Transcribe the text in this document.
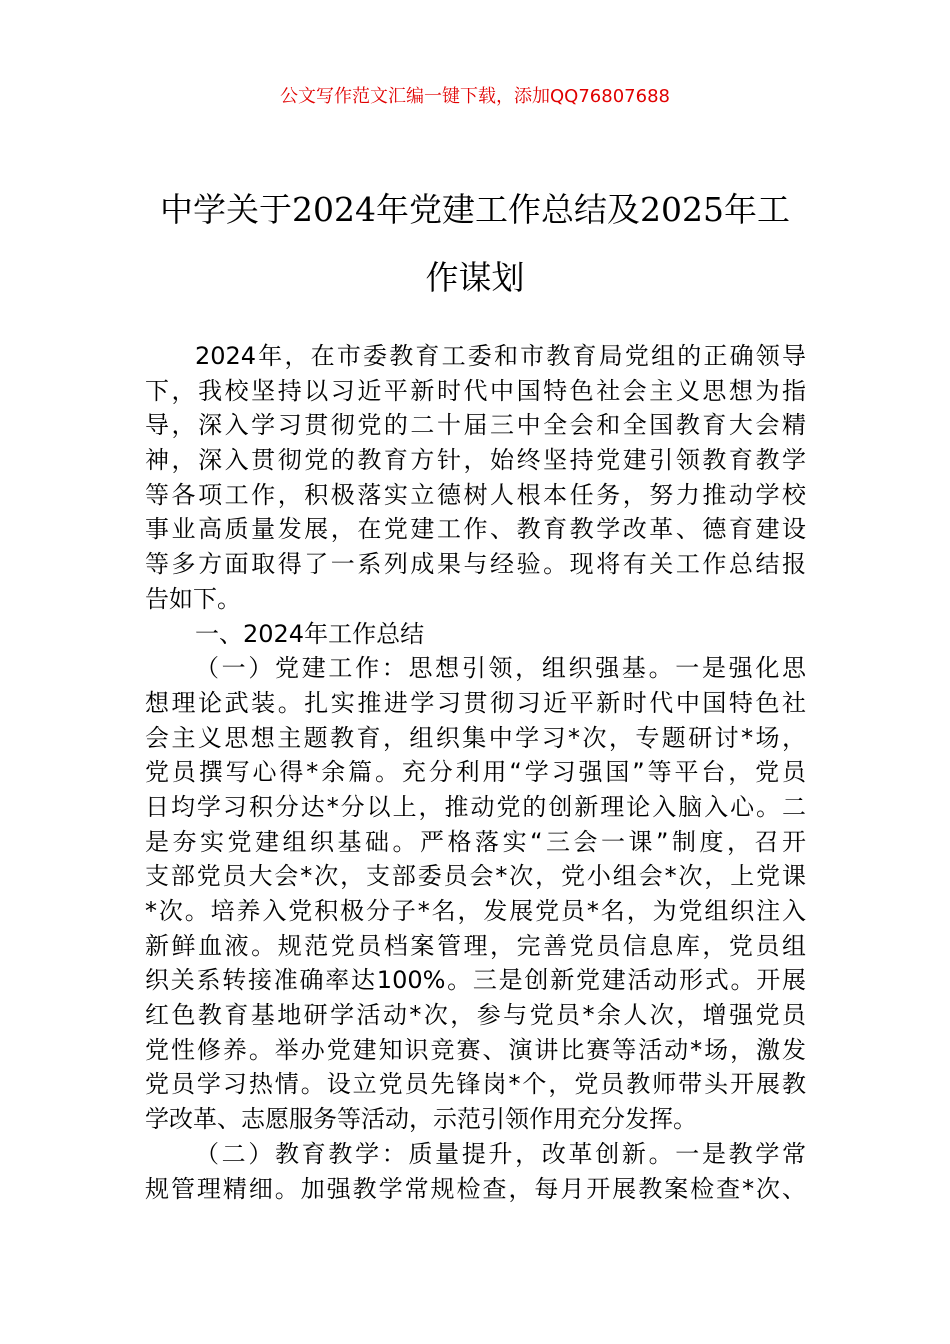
公文写作范文汇编一键下载，添加QQ76807688
中学关于2024年党建工作总结及2025年工
作谋划
2024年，在市委教育工委和市教育局党组的正确领导
下，我校坚持以习近平新时代中国特色社会主义思想为指
导，深入学习贯彻党的二十届三中全会和全国教育大会精
神，深入贯彻党的教育方针，始终坚持党建引领教育教学
等各项工作，积极落实立德树人根本任务，努力推动学校
事业高质量发展，在党建工作、教育教学改革、德育建设
等多方面取得了一系列成果与经验。现将有关工作总结报
告如下。
一、2024年工作总结
（一）党建工作：思想引领，组织强基。一是强化思
想理论武装。扎实推进学习贯彻习近平新时代中国特色社
会主义思想主题教育，组织集中学习*次，专题研讨*场，
党员撰写心得*余篇。充分利用“学习强国”等平台，党员
日均学习积分达*分以上，推动党的创新理论入脑入心。二
是夯实党建组织基础。严格落实“三会一课”制度，召开
支部党员大会*次，支部委员会*次，党小组会*次，上党课
*次。培养入党积极分子*名，发展党员*名，为党组织注入
新鲜血液。规范党员档案管理，完善党员信息库，党员组
织关系转接准确率达100%。三是创新党建活动形式。开展
红色教育基地研学活动*次，参与党员*余人次，增强党员
党性修养。举办党建知识竞赛、演讲比赛等活动*场，激发
党员学习热情。设立党员先锋岗*个，党员教师带头开展教
学改革、志愿服务等活动，示范引领作用充分发挥。
（二）教育教学：质量提升，改革创新。一是教学常
规管理精细。加强教学常规检查，每月开展教案检查*次、
